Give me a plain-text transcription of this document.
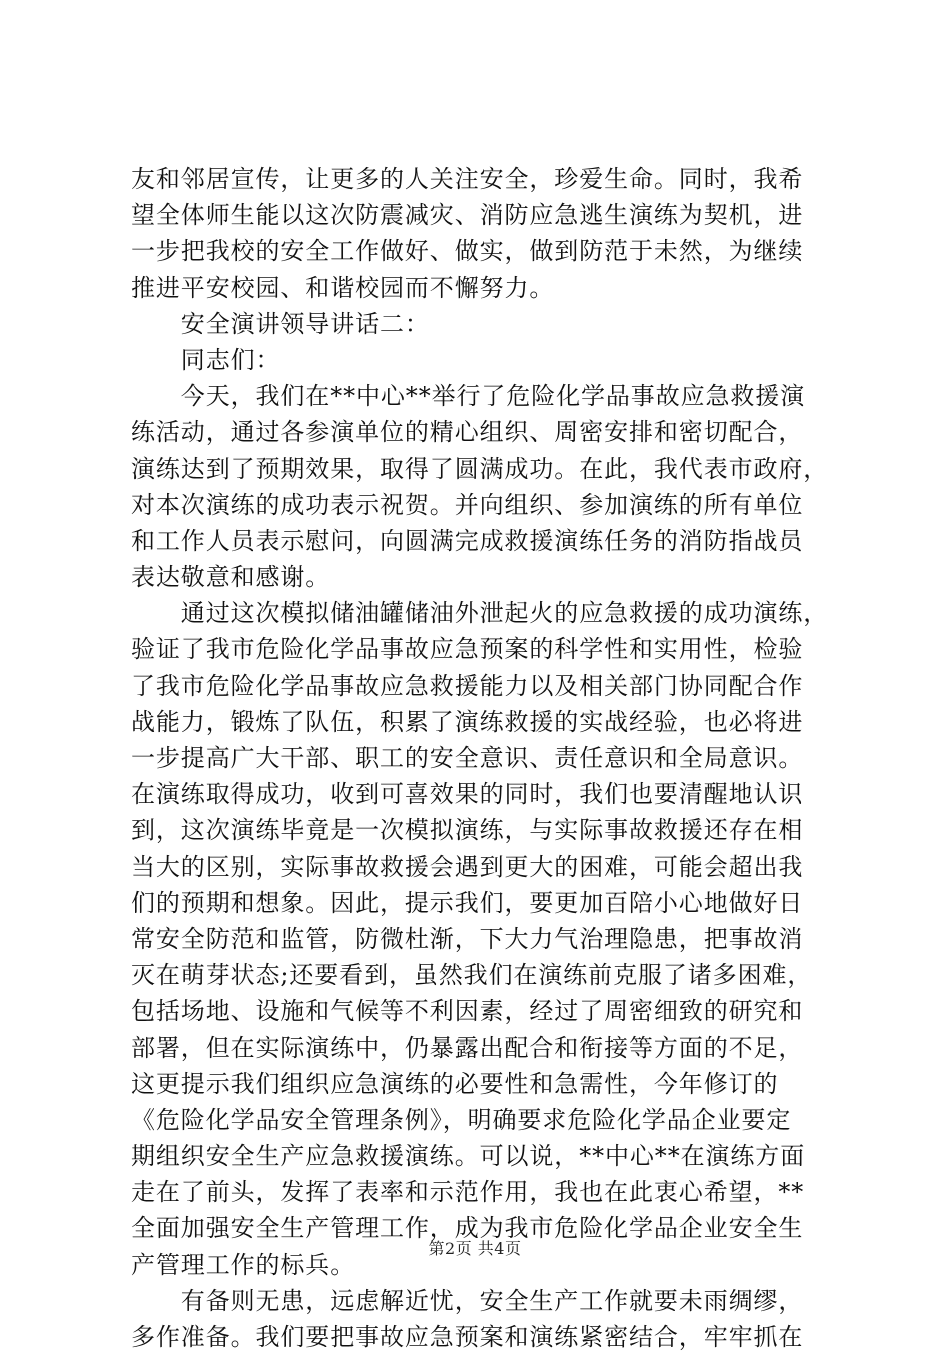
友和邻居宣传，让更多的人关注安全，珍爱生命。同时，我希
望全体师生能以这次防震减灾、消防应急逃生演练为契机，进
一步把我校的安全工作做好、做实，做到防范于未然，为继续
推进平安校园、和谐校园而不懈努力。
　　安全演讲领导讲话二：
　　同志们：
　　今天，我们在**中心**举行了危险化学品事故应急救援演
练活动，通过各参演单位的精心组织、周密安排和密切配合，
演练达到了预期效果，取得了圆满成功。在此，我代表市政府，
对本次演练的成功表示祝贺。并向组织、参加演练的所有单位
和工作人员表示慰问，向圆满完成救援演练任务的消防指战员
表达敬意和感谢。
　　通过这次模拟储油罐储油外泄起火的应急救援的成功演练，
验证了我市危险化学品事故应急预案的科学性和实用性，检验
了我市危险化学品事故应急救援能力以及相关部门协同配合作
战能力，锻炼了队伍，积累了演练救援的实战经验，也必将进
一步提高广大干部、职工的安全意识、责任意识和全局意识。
在演练取得成功，收到可喜效果的同时，我们也要清醒地认识
到，这次演练毕竟是一次模拟演练，与实际事故救援还存在相
当大的区别，实际事故救援会遇到更大的困难，可能会超出我
们的预期和想象。因此，提示我们，要更加百陪小心地做好日
常安全防范和监管，防微杜渐，下大力气治理隐患，把事故消
灭在萌芽状态;还要看到，虽然我们在演练前克服了诸多困难，
包括场地、设施和气候等不利因素，经过了周密细致的研究和
部署，但在实际演练中，仍暴露出配合和衔接等方面的不足，
这更提示我们组织应急演练的必要性和急需性，今年修订的
《危险化学品安全管理条例》，明确要求危险化学品企业要定
期组织安全生产应急救援演练。可以说，**中心**在演练方面
走在了前头，发挥了表率和示范作用，我也在此衷心希望，**
全面加强安全生产管理工作，成为我市危险化学品企业安全生
产管理工作的标兵。
　　有备则无患，远虑解近忧，安全生产工作就要未雨绸缪，
多作准备。我们要把事故应急预案和演练紧密结合，牢牢抓在
第2页 共4页
